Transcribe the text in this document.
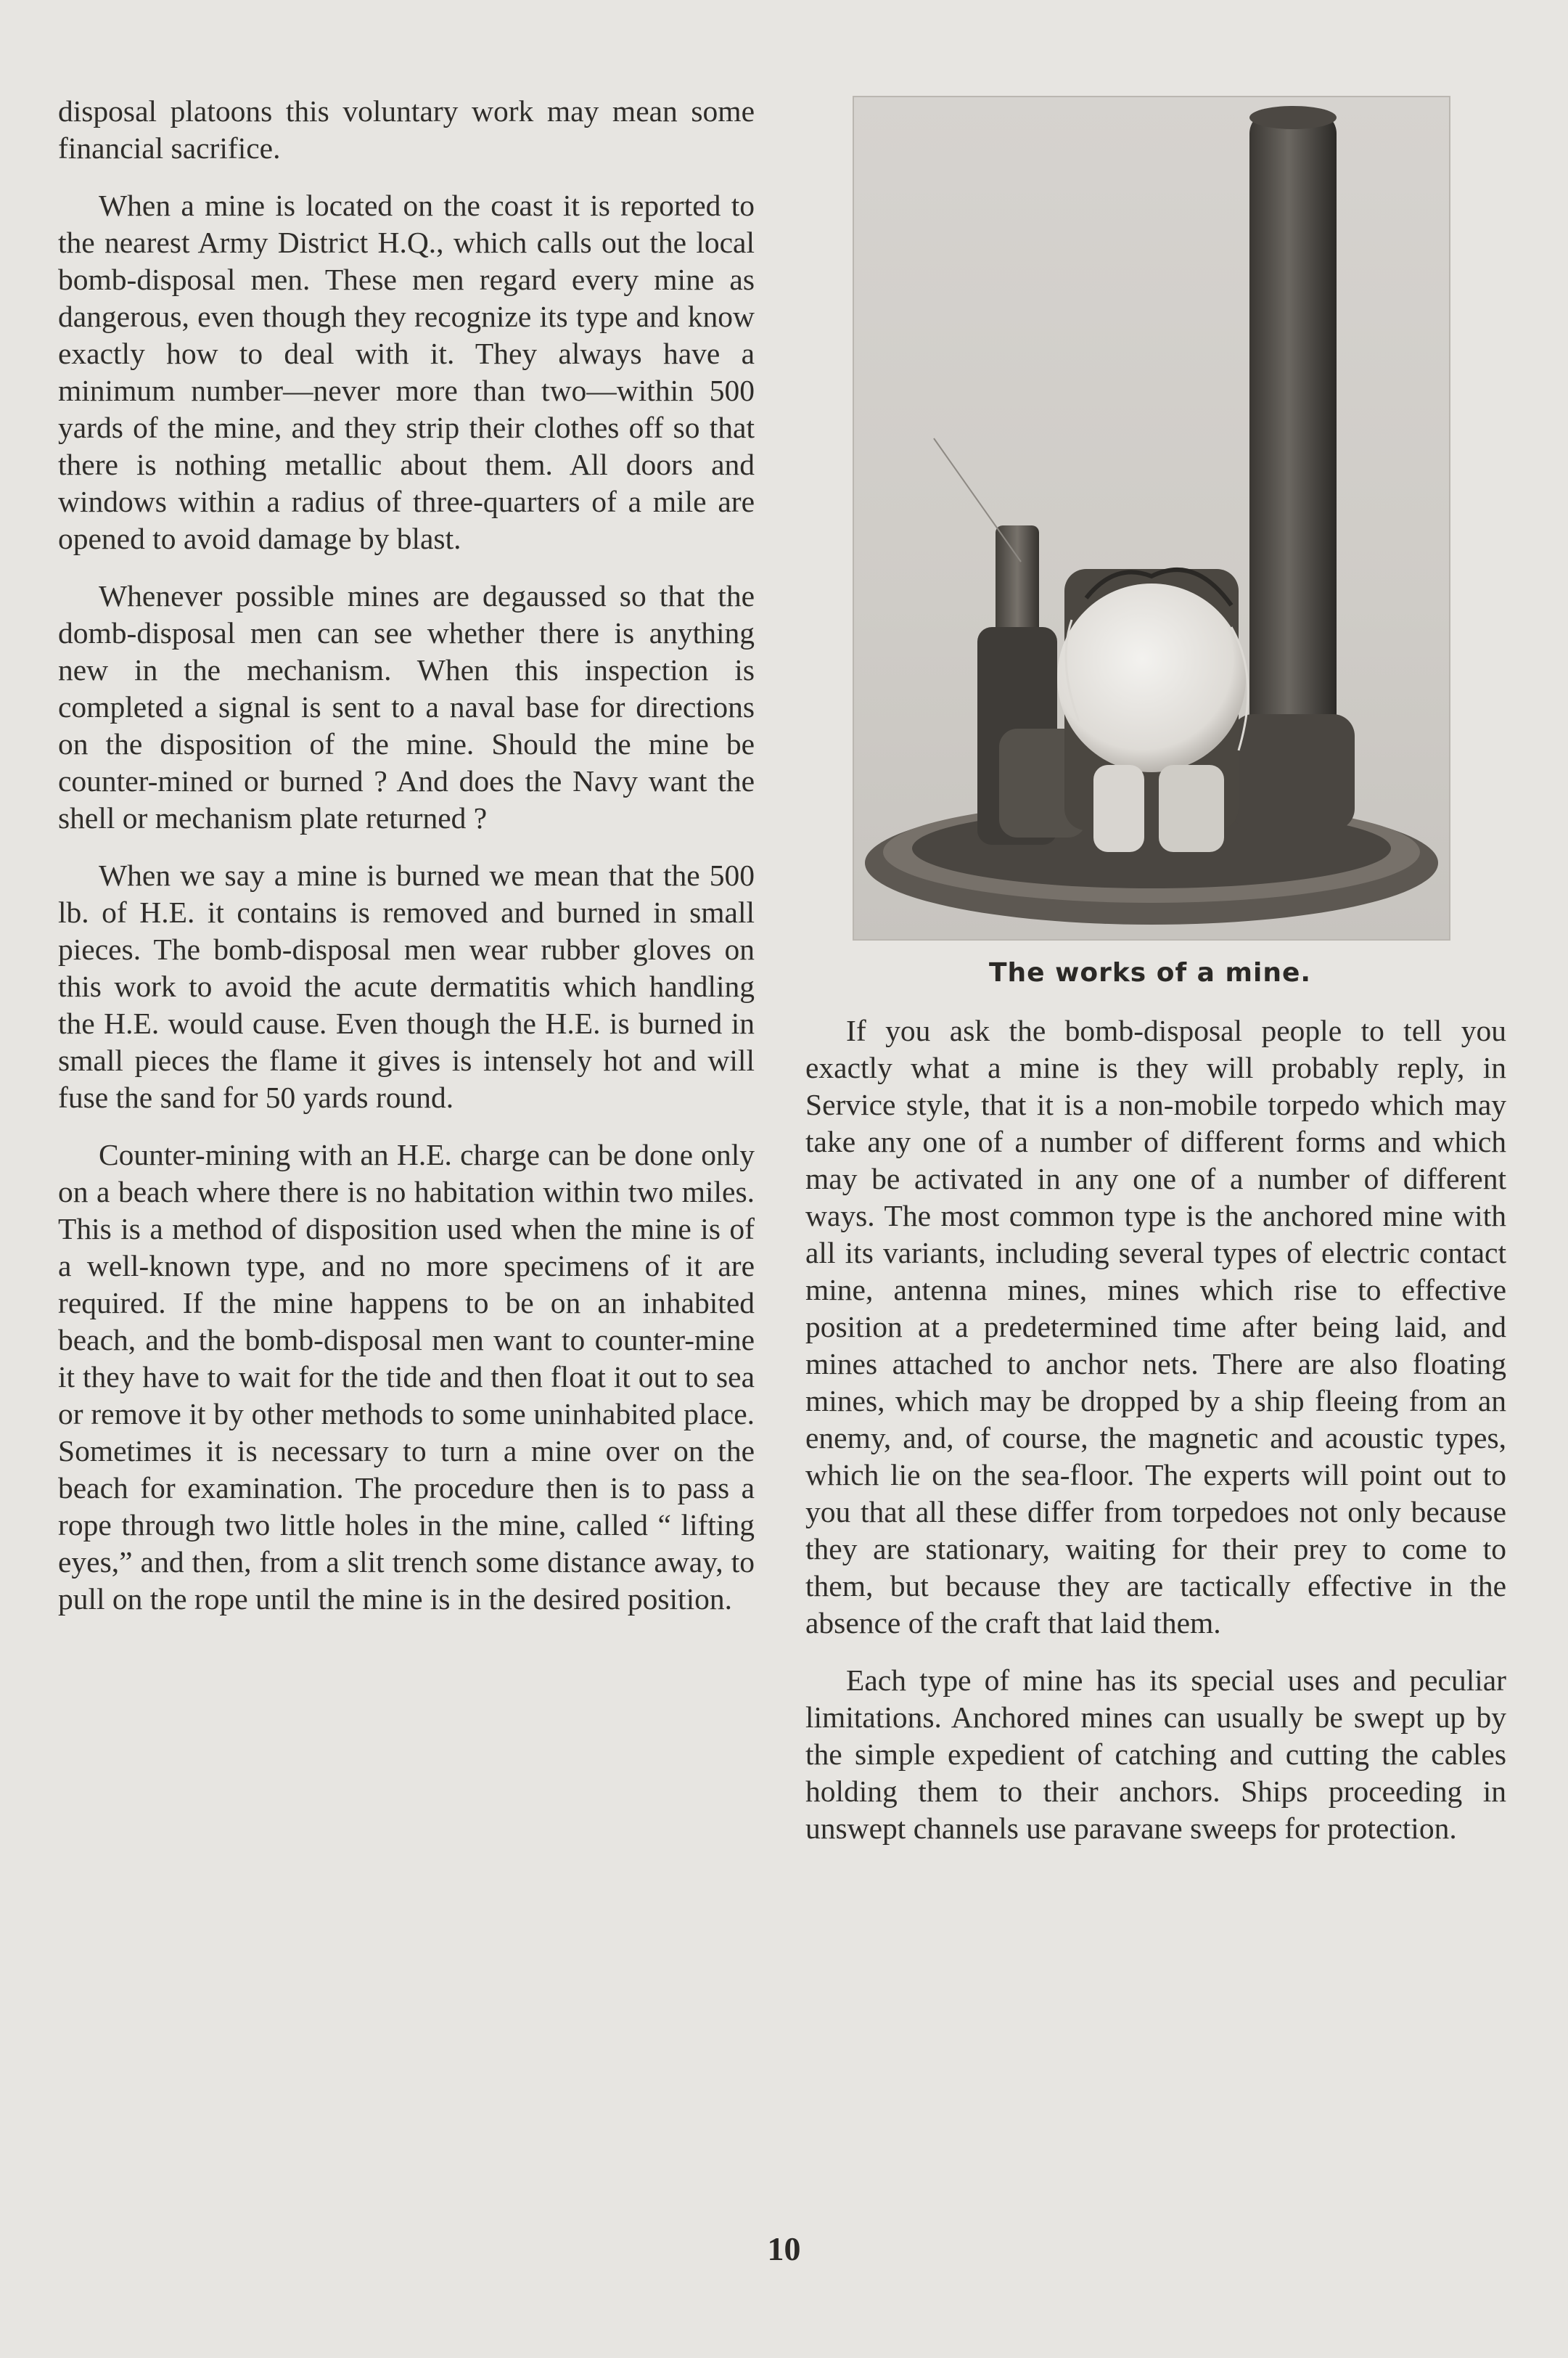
disposal platoons this voluntary work may mean some financial sacrifice.

When a mine is located on the coast it is reported to the nearest Army District H.Q., which calls out the local bomb-disposal men. These men regard every mine as dangerous, even though they recognize its type and know exactly how to deal with it. They always have a minimum number—never more than two—within 500 yards of the mine, and they strip their clothes off so that there is nothing metallic about them. All doors and windows within a radius of three-quarters of a mile are opened to avoid damage by blast.

Whenever possible mines are degaussed so that the domb-disposal men can see whether there is anything new in the mechanism. When this inspection is completed a signal is sent to a naval base for directions on the disposition of the mine. Should the mine be counter-mined or burned ? And does the Navy want the shell or mechanism plate returned ?

When we say a mine is burned we mean that the 500 lb. of H.E. it contains is removed and burned in small pieces. The bomb-disposal men wear rubber gloves on this work to avoid the acute dermatitis which handling the H.E. would cause. Even though the H.E. is burned in small pieces the flame it gives is intensely hot and will fuse the sand for 50 yards round.

Counter-mining with an H.E. charge can be done only on a beach where there is no habitation within two miles. This is a method of disposition used when the mine is of a well-known type, and no more specimens of it are required. If the mine happens to be on an inhabited beach, and the bomb-disposal men want to counter-mine it they have to wait for the tide and then float it out to sea or remove it by other methods to some uninhabited place. Sometimes it is necessary to turn a mine over on the beach for examination. The procedure then is to pass a rope through two little holes in the mine, called “ lifting eyes,” and then, from a slit trench some distance away, to pull on the rope until the mine is in the desired position.

The works of a mine.

If you ask the bomb-disposal people to tell you exactly what a mine is they will probably reply, in Service style, that it is a non-mobile torpedo which may take any one of a number of different forms and which may be activated in any one of a number of different ways. The most common type is the anchored mine with all its variants, including several types of electric contact mine, antenna mines, mines which rise to effective position at a predetermined time after being laid, and mines attached to anchor nets. There are also floating mines, which may be dropped by a ship fleeing from an enemy, and, of course, the magnetic and acoustic types, which lie on the sea-floor. The experts will point out to you that all these differ from torpedoes not only because they are stationary, waiting for their prey to come to them, but because they are tactically effective in the absence of the craft that laid them.

Each type of mine has its special uses and peculiar limitations. Anchored mines can usually be swept up by the simple expedient of catching and cutting the cables holding them to their anchors. Ships proceeding in unswept channels use paravane sweeps for protection.

10
